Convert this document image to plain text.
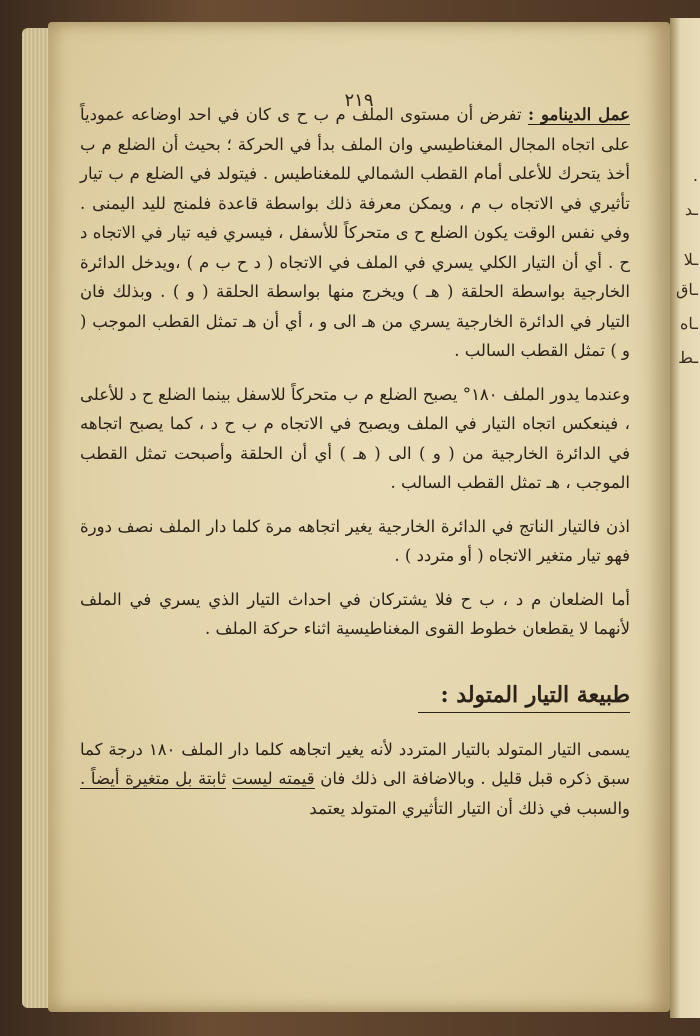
٢١٩
.
ـد
ـلا
ـاق
ـاه
ـط

عمل الدينامو : تفرض أن مستوى الملف م ب ح ى كان في احد اوضاعه عمودياً على اتجاه المجال المغناطيسي وان الملف بدأ في الحركة ؛ بحيث أن الضلع م ب أخذ يتحرك للأعلى أمام القطب الشمالي للمغناطيس . فيتولد في الضلع م ب تيار تأثيري في الاتجاه ب م ، ويمكن معرفة ذلك بواسطة قاعدة فلمنج لليد اليمنى . وفي نفس الوقت يكون الضلع ح ى متحركاً للأسفل ، فيسري فيه تيار في الاتجاه د ح . أي أن التيار الكلي يسري في الملف في الاتجاه ( د ح ب م ) ،ويدخل الدائرة الخارجية بواسطة الحلقة ( هـ ) ويخرج منها بواسطة الحلقة ( و ) . وبذلك فان التيار في الدائرة الخارجية يسري من هـ الى و ، أي أن هـ تمثل القطب الموجب ( و ) تمثل القطب السالب .

وعندما يدور الملف ١٨٠° يصبح الضلع م ب متحركاً للاسفل بينما الضلع ح د للأعلى ، فينعكس اتجاه التيار في الملف ويصبح في الاتجاه م ب ح د ، كما يصبح اتجاهه في الدائرة الخارجية من ( و ) الى ( هـ ) أي أن الحلقة وأصبحت تمثل القطب الموجب ، هـ تمثل القطب السالب .

اذن فالتيار الناتج في الدائرة الخارجية يغير اتجاهه مرة كلما دار الملف نصف دورة فهو تيار متغير الاتجاه ( أو متردد ) .

أما الضلعان م د ، ب ح فلا يشتركان في احداث التيار الذي يسري في الملف لأنهما لا يقطعان خطوط القوى المغناطيسية اثناء حركة الملف .

طبيعة التيار المتولد :

يسمى التيار المتولد بالتيار المتردد لأنه يغير اتجاهه كلما دار الملف ١٨٠ درجة كما سبق ذكره قبل قليل . وبالاضافة الى ذلك فان قيمته ليست ثابتة بل متغيرة أيضاً . والسبب في ذلك أن التيار التأثيري المتولد يعتمد
